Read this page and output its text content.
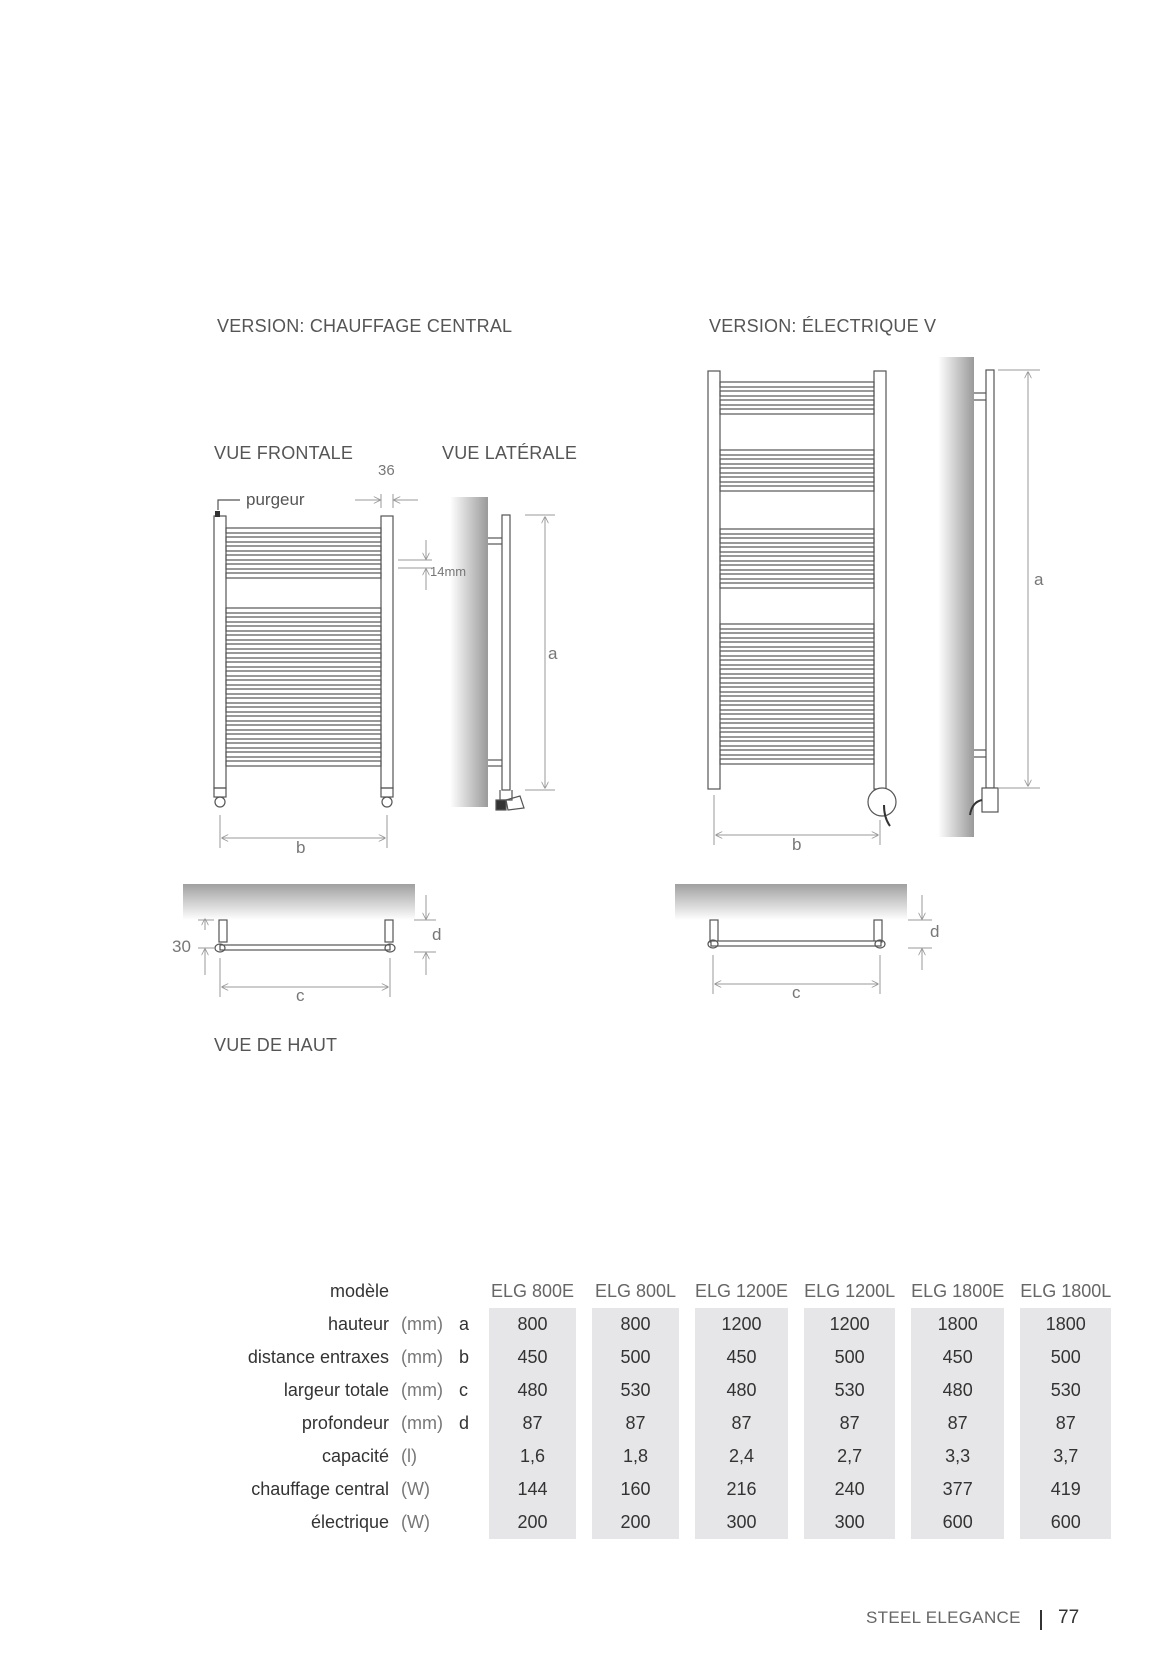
VERSION: CHAUFFAGE CENTRAL	VERSION: ÉLECTRIQUE V
VUE FRONTALE	VUE LATÉRALE
VUE DE HAUT
purgeur
36
14mm
a
b
d
30
c
a
b
d
c
modèle			ELG 800E		ELG 800L		ELG 1200E		ELG 1200L		ELG 1800E		ELG 1800L
hauteur	(mm)	a	800		800		1200		1200		1800		1800
distance entraxes	(mm)	b	450		500		450		500		450		500
largeur totale	(mm)	c	480		530		480		530		480		530
profondeur	(mm)	d	87		87		87		87		87		87
capacité	(l)		1,6		1,8		2,4		2,7		3,3		3,7
chauffage central	(W)		144		160		216		240		377		419
électrique	(W)		200		200		300		300		600		600
STEEL ELEGANCE 77
